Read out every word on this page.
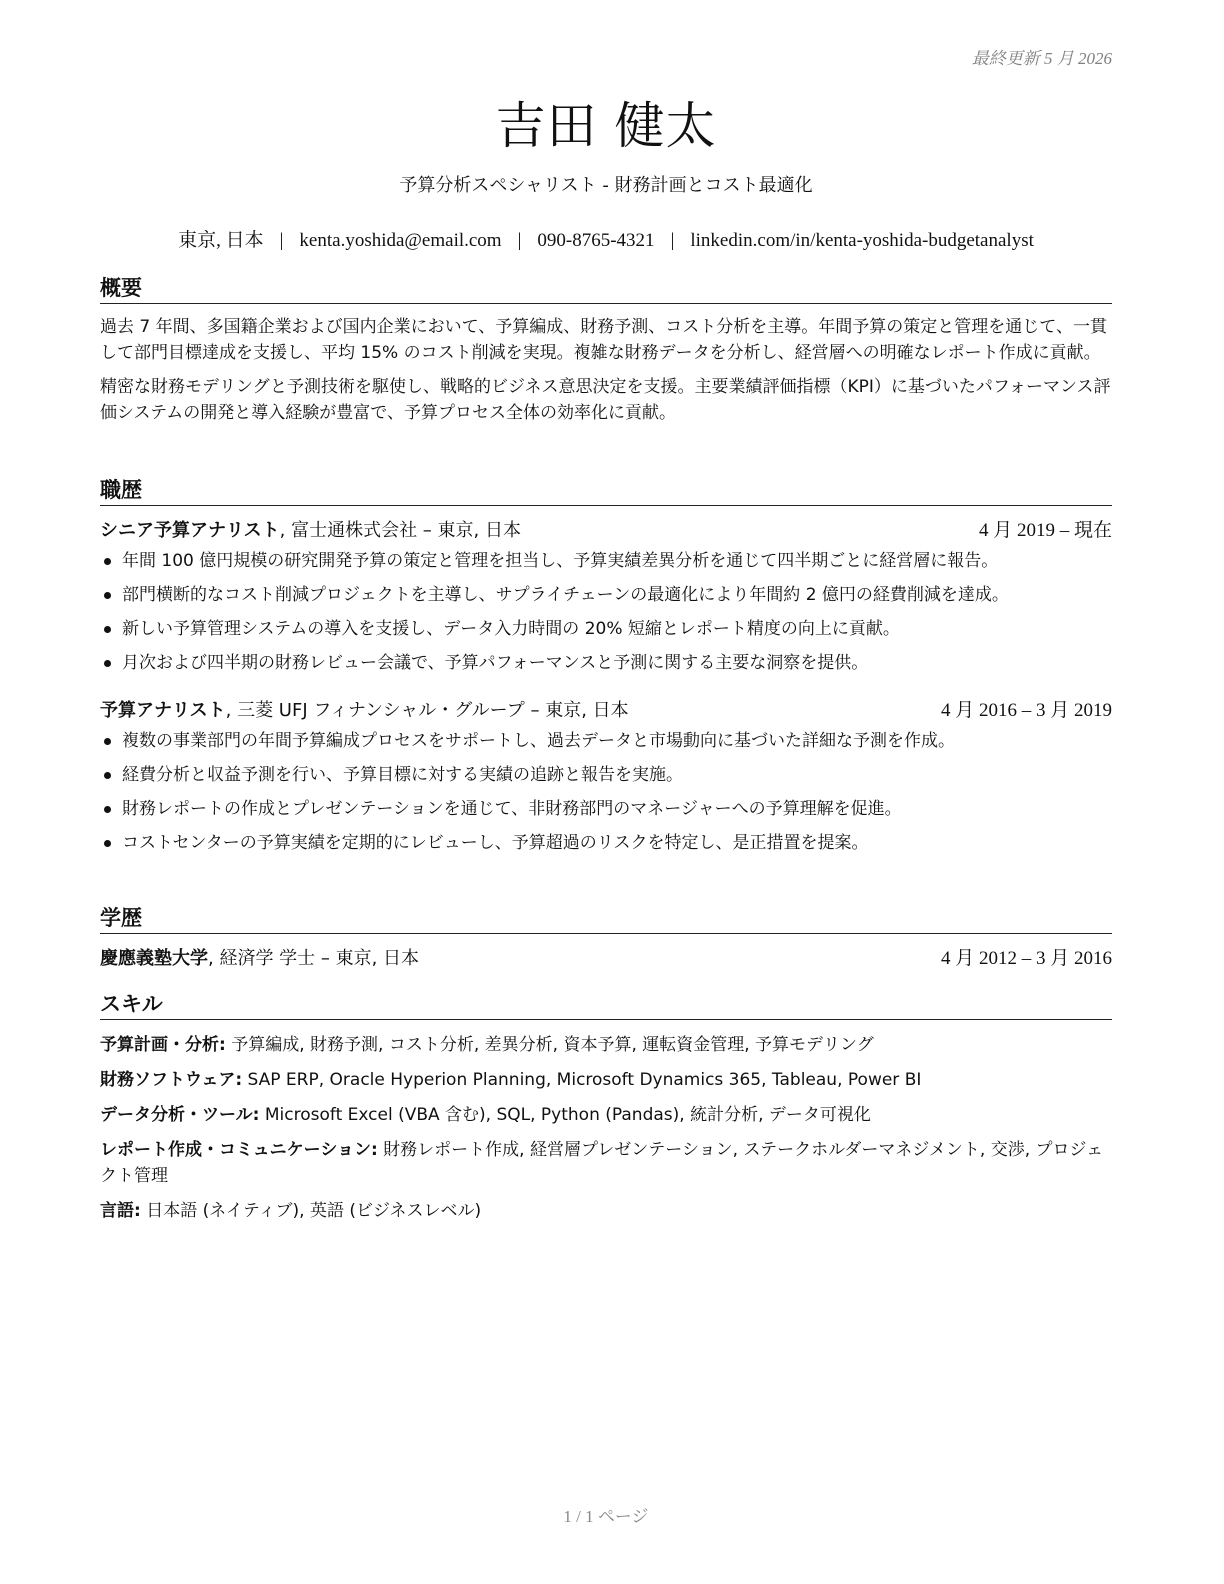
最終更新 5 月 2026
吉田 健太
予算分析スペシャリスト - 財務計画とコスト最適化
東京, 日本 | kenta.yoshida@email.com | 090-8765-4321 | linkedin.com/in/kenta-yoshida-budgetanalyst
概要

過去 7 年間、多国籍企業および国内企業において、予算編成、財務予測、コスト分析を主導。年間予算の策定と管理を通じて、一貫して部門目標達成を支援し、平均 15% のコスト削減を実現。複雑な財務データを分析し、経営層への明確なレポート作成に貢献。

精密な財務モデリングと予測技術を駆使し、戦略的ビジネス意思決定を支援。主要業績評価指標（KPI）に基づいたパフォーマンス評価システムの開発と導入経験が豊富で、予算プロセス全体の効率化に貢献。

職歴
シニア予算アナリスト, 富士通株式会社 – 東京, 日本	4 月 2019 – 現在
年間 100 億円規模の研究開発予算の策定と管理を担当し、予算実績差異分析を通じて四半期ごとに経営層に報告。
部門横断的なコスト削減プロジェクトを主導し、サプライチェーンの最適化により年間約 2 億円の経費削減を達成。
新しい予算管理システムの導入を支援し、データ入力時間の 20% 短縮とレポート精度の向上に貢献。
月次および四半期の財務レビュー会議で、予算パフォーマンスと予測に関する主要な洞察を提供。
予算アナリスト, 三菱 UFJ フィナンシャル・グループ – 東京, 日本	4 月 2016 – 3 月 2019
複数の事業部門の年間予算編成プロセスをサポートし、過去データと市場動向に基づいた詳細な予測を作成。
経費分析と収益予測を行い、予算目標に対する実績の追跡と報告を実施。
財務レポートの作成とプレゼンテーションを通じて、非財務部門のマネージャーへの予算理解を促進。
コストセンターの予算実績を定期的にレビューし、予算超過のリスクを特定し、是正措置を提案。
学歴
慶應義塾大学, 経済学 学士 – 東京, 日本	4 月 2012 – 3 月 2016
スキル
予算計画・分析: 予算編成, 財務予測, コスト分析, 差異分析, 資本予算, 運転資金管理, 予算モデリング
財務ソフトウェア: SAP ERP, Oracle Hyperion Planning, Microsoft Dynamics 365, Tableau, Power BI
データ分析・ツール: Microsoft Excel (VBA 含む), SQL, Python (Pandas), 統計分析, データ可視化
レポート作成・コミュニケーション: 財務レポート作成, 経営層プレゼンテーション, ステークホルダーマネジメント, 交渉, プロジェクト管理
言語: 日本語 (ネイティブ), 英語 (ビジネスレベル)
1 / 1 ページ
